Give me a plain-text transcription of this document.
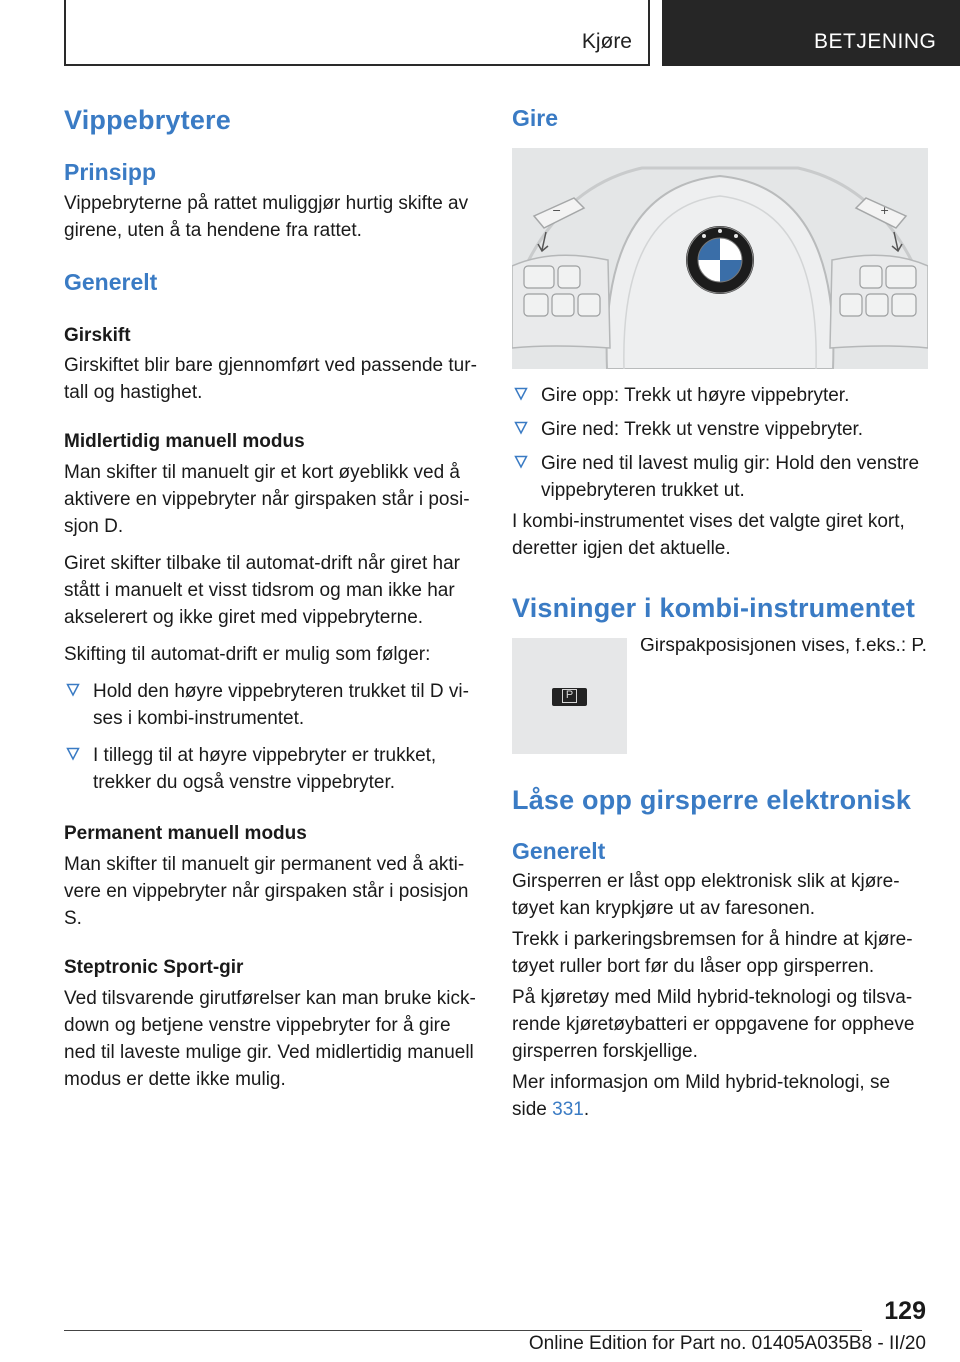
Kjøre	BETJENING
Vippebrytere
Prinsipp
Vippebryterne på rattet muliggjør hurtig skifte av girene, uten å ta hendene fra rattet.
Generelt
Girskift
Girskiftet blir bare gjennomført ved passende turtall og hastighet.
Midlertidig manuell modus
Man skifter til manuelt gir et kort øyeblikk ved å aktivere en vippebryter når girspaken står i posisjon D.
Giret skifter tilbake til automat-drift når giret har stått i manuelt et visst tidsrom og man ikke har akselerert og ikke giret med vippebryterne.
Skifting til automat-drift er mulig som følger:
Hold den høyre vippebryteren trukket til D vises i kombi-instrumentet.
I tillegg til at høyre vippebryter er trukket, trekker du også venstre vippebryter.
Permanent manuell modus
Man skifter til manuelt gir permanent ved å aktivere en vippebryter når girspaken står i posisjon S.
Steptronic Sport-gir
Ved tilsvarende girutførelser kan man bruke kickdown og betjene venstre vippebryter for å gire ned til laveste mulige gir. Ved midlertidig manuell modus er dette ikke mulig.
Gire
−	+
Gire opp: Trekk ut høyre vippebryter.
Gire ned: Trekk ut venstre vippebryter.
Gire ned til lavest mulig gir: Hold den venstre vippebryteren trukket ut.
I kombi-instrumentet vises det valgte giret kort, deretter igjen det aktuelle.
Visninger i kombi-instrumentet
P
Girspakposisjonen vises, f.eks.: P.
Låse opp girsperre elektronisk
Generelt
Girsperren er låst opp elektronisk slik at kjøretøyet kan krypkjøre ut av faresonen.
Trekk i parkeringsbremsen for å hindre at kjøretøyet ruller bort før du låser opp girsperren.
På kjøretøy med Mild hybrid-teknologi og tilsvarende kjøretøybatteri er oppgavene for oppheve girsperren forskjellige.
Mer informasjon om Mild hybrid-teknologi, se side 331.
129
Online Edition for Part no. 01405A035B8 - II/20
